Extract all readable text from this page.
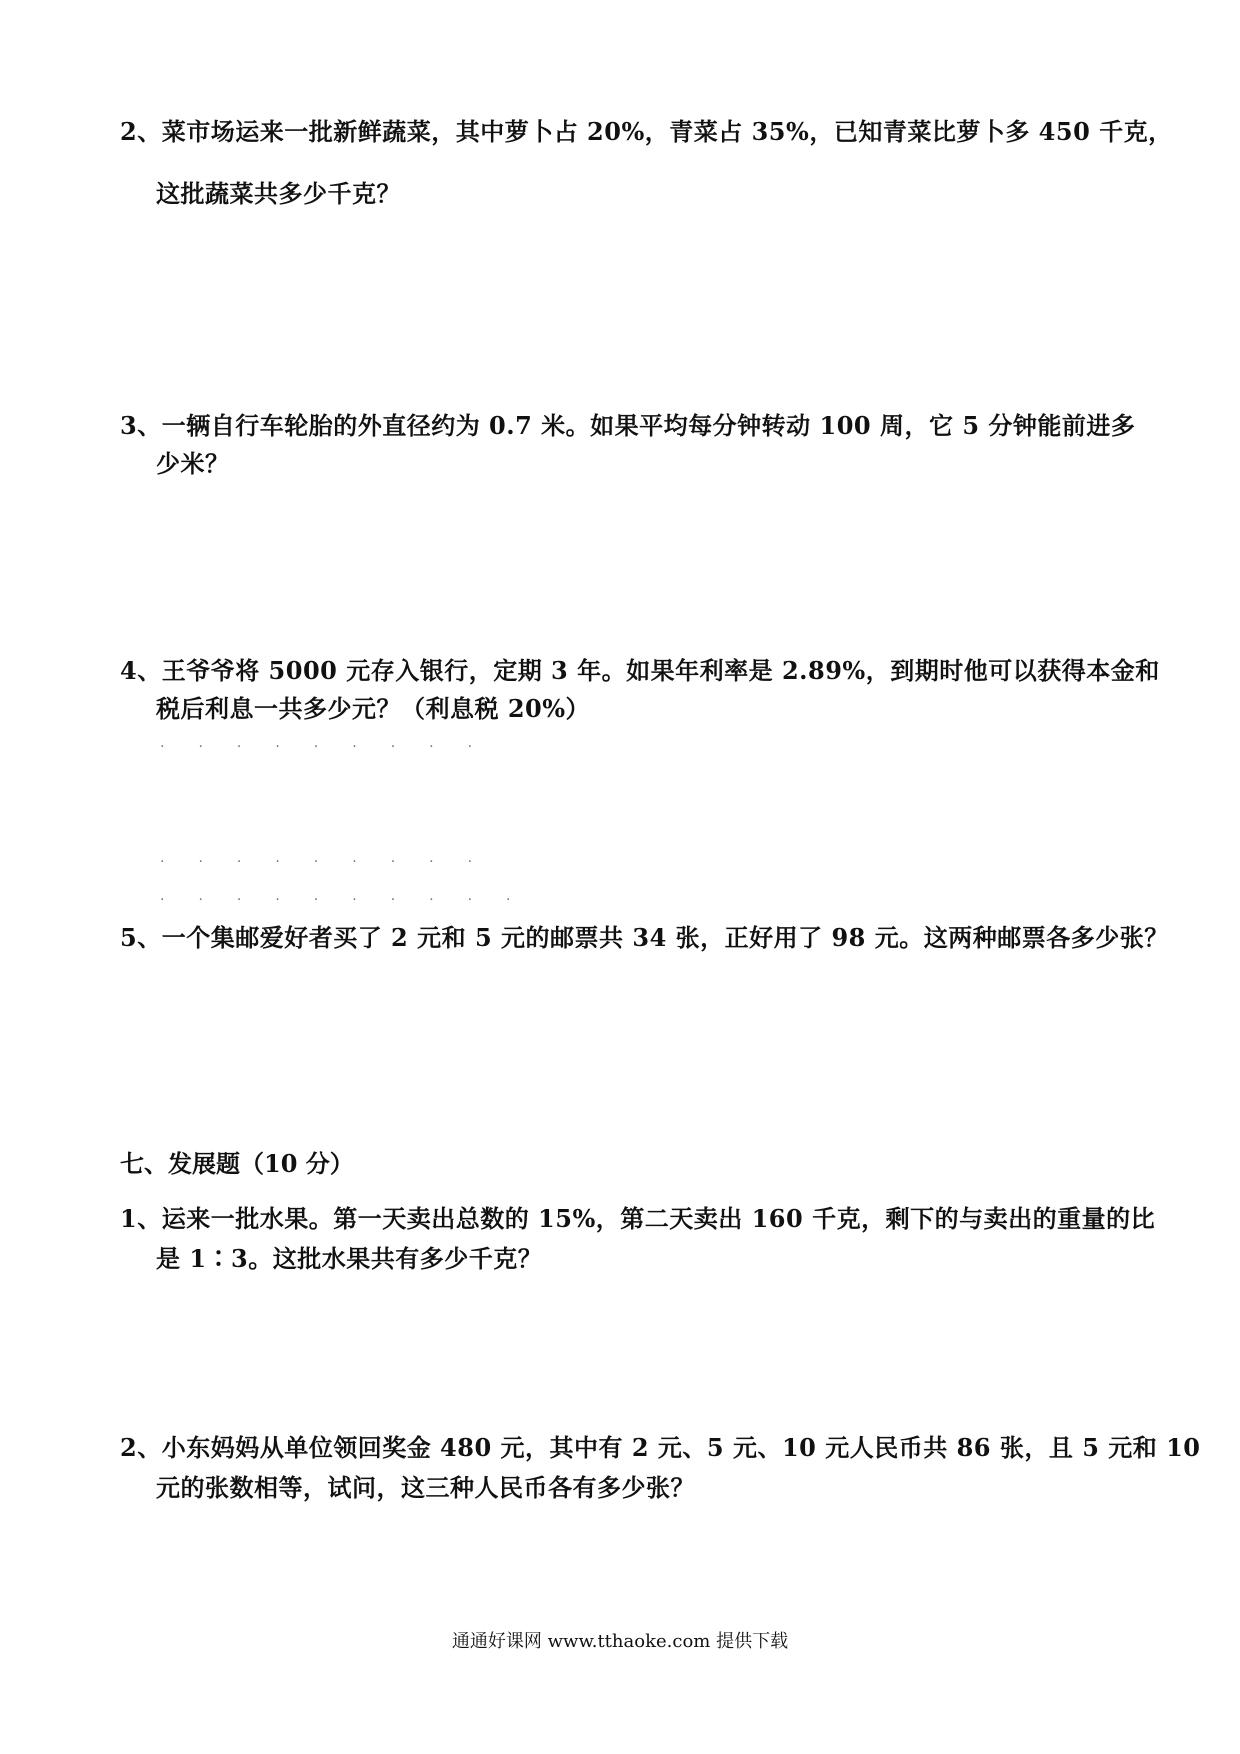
2、菜市场运来一批新鲜蔬菜，其中萝卜占 20%，青菜占 35%，已知青菜比萝卜多 450 千克，
这批蔬菜共多少千克？
3、一辆自行车轮胎的外直径约为 0.7 米。如果平均每分钟转动 100 周，它 5 分钟能前进多
少米？
4、王爷爷将 5000 元存入银行，定期 3 年。如果年利率是 2.89%，到期时他可以获得本金和
税后利息一共多少元？（利息税 20%）
·········
·········
··········
5、一个集邮爱好者买了 2 元和 5 元的邮票共 34 张，正好用了 98 元。这两种邮票各多少张？
七、发展题（10 分）
1、运来一批水果。第一天卖出总数的 15%，第二天卖出 160 千克，剩下的与卖出的重量的比
是 1∶3。这批水果共有多少千克？
2、小东妈妈从单位领回奖金 480 元，其中有 2 元、5 元、10 元人民币共 86 张，且 5 元和 10
元的张数相等，试问，这三种人民币各有多少张？
通通好课网 www.tthaoke.com 提供下载
